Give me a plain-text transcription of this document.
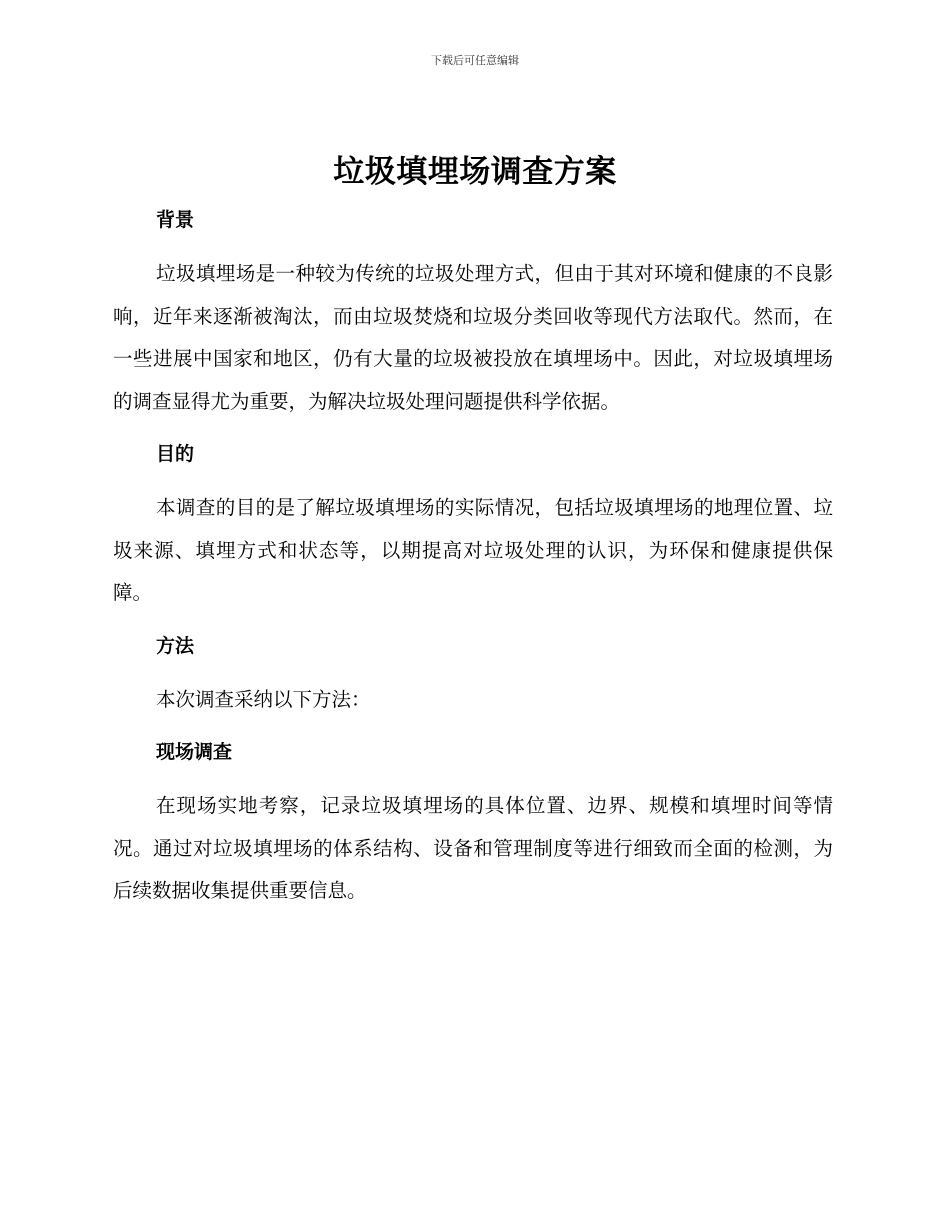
下载后可任意编辑
垃圾填埋场调查方案
背景

垃圾填埋场是一种较为传统的垃圾处理方式，但由于其对环境和健康的不良影响，近年来逐渐被淘汰，而由垃圾焚烧和垃圾分类回收等现代方法取代。然而，在一些进展中国家和地区，仍有大量的垃圾被投放在填埋场中。因此，对垃圾填埋场的调查显得尤为重要，为解决垃圾处理问题提供科学依据。

目的

本调查的目的是了解垃圾填埋场的实际情况，包括垃圾填埋场的地理位置、垃圾来源、填埋方式和状态等，以期提高对垃圾处理的认识，为环保和健康提供保障。

方法

本次调查采纳以下方法：

现场调查

在现场实地考察，记录垃圾填埋场的具体位置、边界、规模和填埋时间等情况。通过对垃圾填埋场的体系结构、设备和管理制度等进行细致而全面的检测，为后续数据收集提供重要信息。
